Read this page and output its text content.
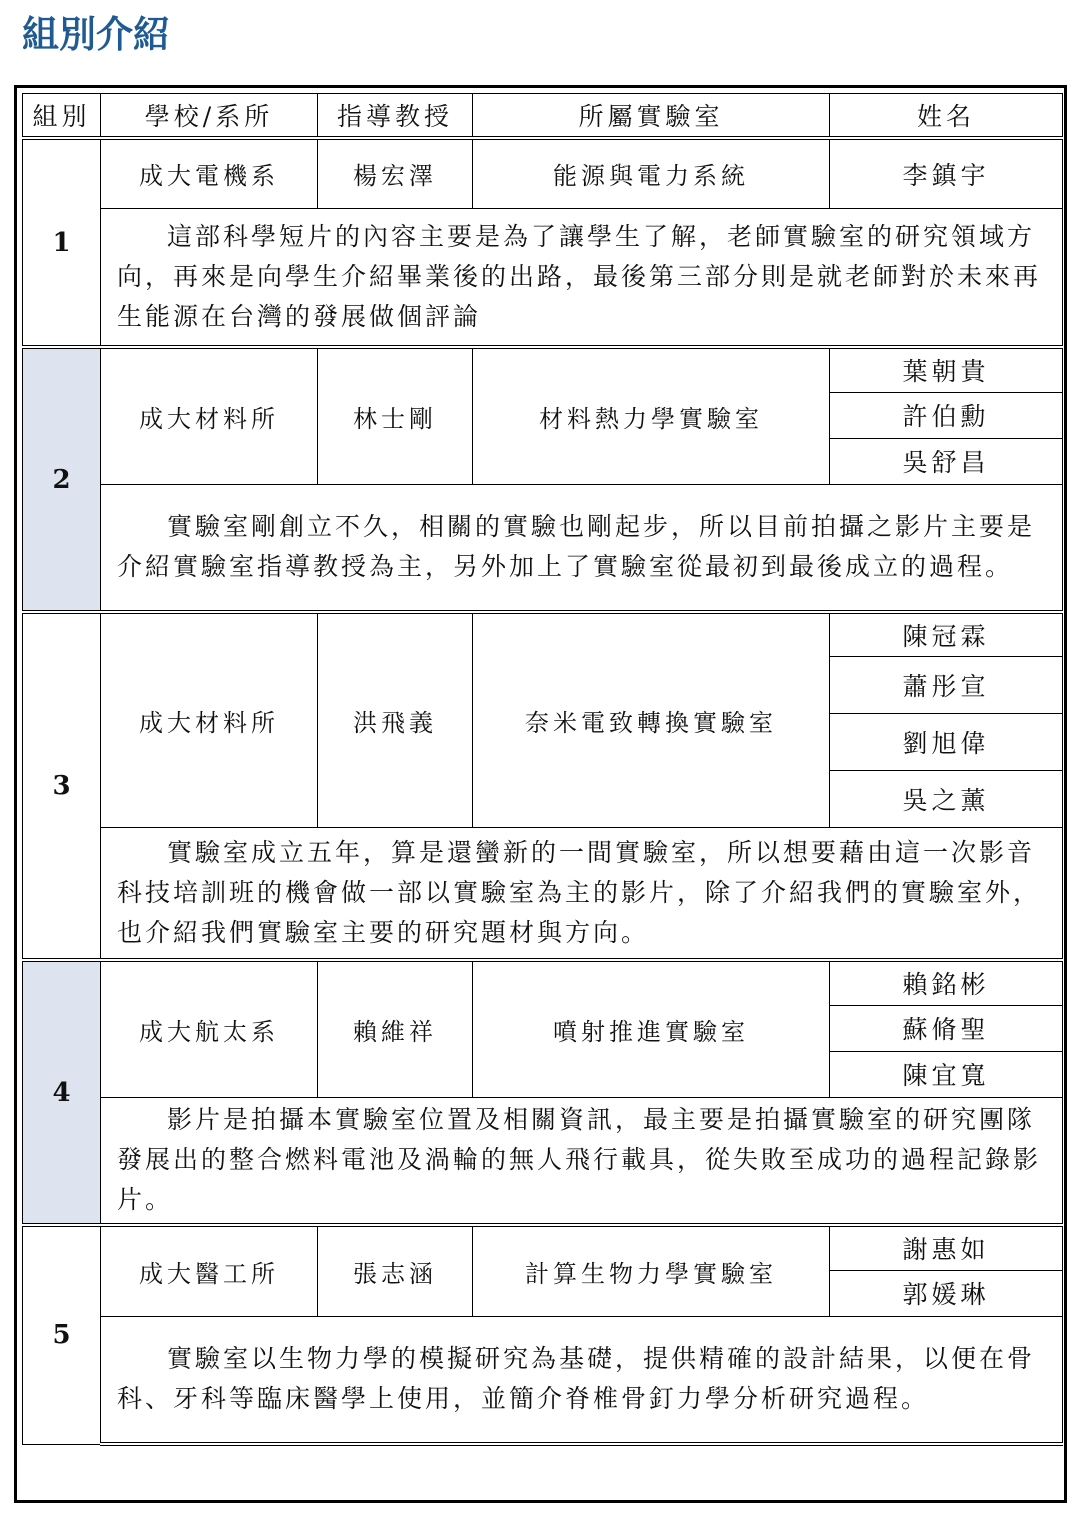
組別介紹
組別	學校/系所	指導教授	所屬實驗室	姓名
1	成大電機系	楊宏澤	能源與電力系統	李鎮宇
	這部科學短片的內容主要是為了讓學生了解，老師實驗室的研究領域方向，再來是向學生介紹畢業後的出路，最後第三部分則是就老師對於未來再生能源在台灣的發展做個評論			
2	成大材料所	林士剛	材料熱力學實驗室	葉朝貴
				許伯勳
				吳舒昌
	實驗室剛創立不久，相關的實驗也剛起步，所以目前拍攝之影片主要是介紹實驗室指導教授為主，另外加上了實驗室從最初到最後成立的過程。			
3	成大材料所	洪飛義	奈米電致轉換實驗室	陳冠霖
				蕭彤宣
				劉旭偉
				吳之薰
	實驗室成立五年，算是還蠻新的一間實驗室，所以想要藉由這一次影音科技培訓班的機會做一部以實驗室為主的影片，除了介紹我們的實驗室外，也介紹我們實驗室主要的研究題材與方向。			
4	成大航太系	賴維祥	噴射推進實驗室	賴銘彬
				蘇脩聖
				陳宜寬
	影片是拍攝本實驗室位置及相關資訊，最主要是拍攝實驗室的研究團隊發展出的整合燃料電池及渦輪的無人飛行載具，從失敗至成功的過程記錄影片。			
5	成大醫工所	張志涵	計算生物力學實驗室	謝惠如
				郭媛琳
	實驗室以生物力學的模擬研究為基礎，提供精確的設計結果，以便在骨科、牙科等臨床醫學上使用，並簡介脊椎骨釘力學分析研究過程。			
